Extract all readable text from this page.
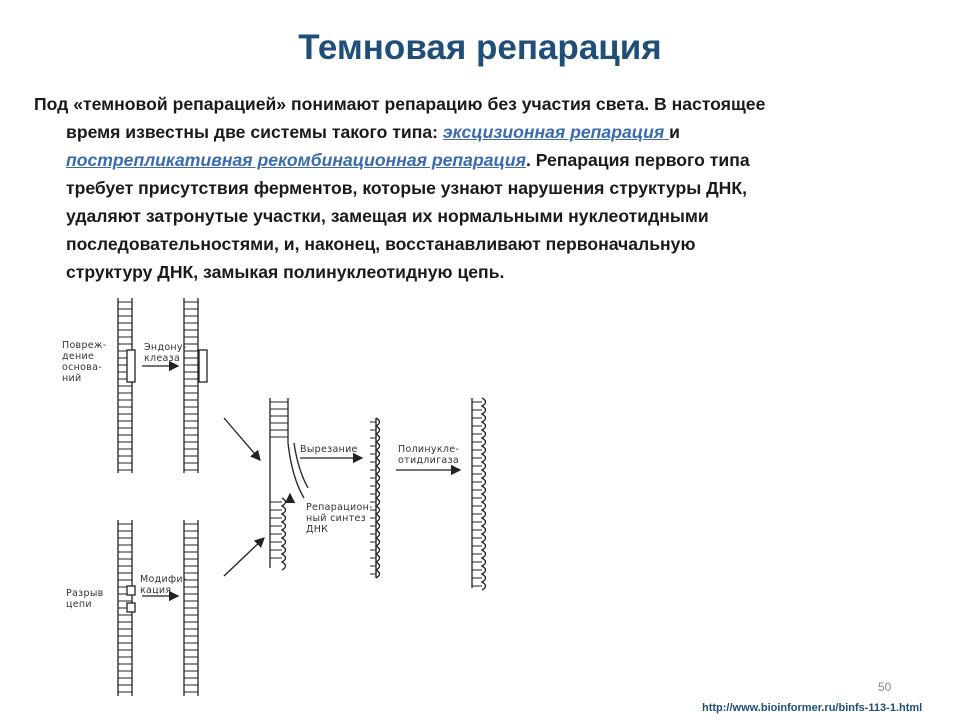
Темновая репарация
Под «темновой репарацией» понимают репарацию без участия света. В настоящее
время известны две системы такого типа: эксцизионная репарация и
пострепликативная рекомбинационная репарация. Репарация первого типа
требует присутствия ферментов, которые узнают нарушения структуры ДНК,
удаляют затронутые участки, замещая их нормальными нуклеотидными
последовательностями, и, наконец, восстанавливают первоначальную
структуру ДНК, замыкая полинуклеотидную цепь.
Повреж-
дение
основа-
ний
Эндону-
клеаза
Разрыв
цепи
Модифи-
кация
Вырезание
Репарацион-
ный синтез
ДНК
Полинукле-
отидлигаза
50
http://www.bioinformer.ru/binfs-113-1.html
